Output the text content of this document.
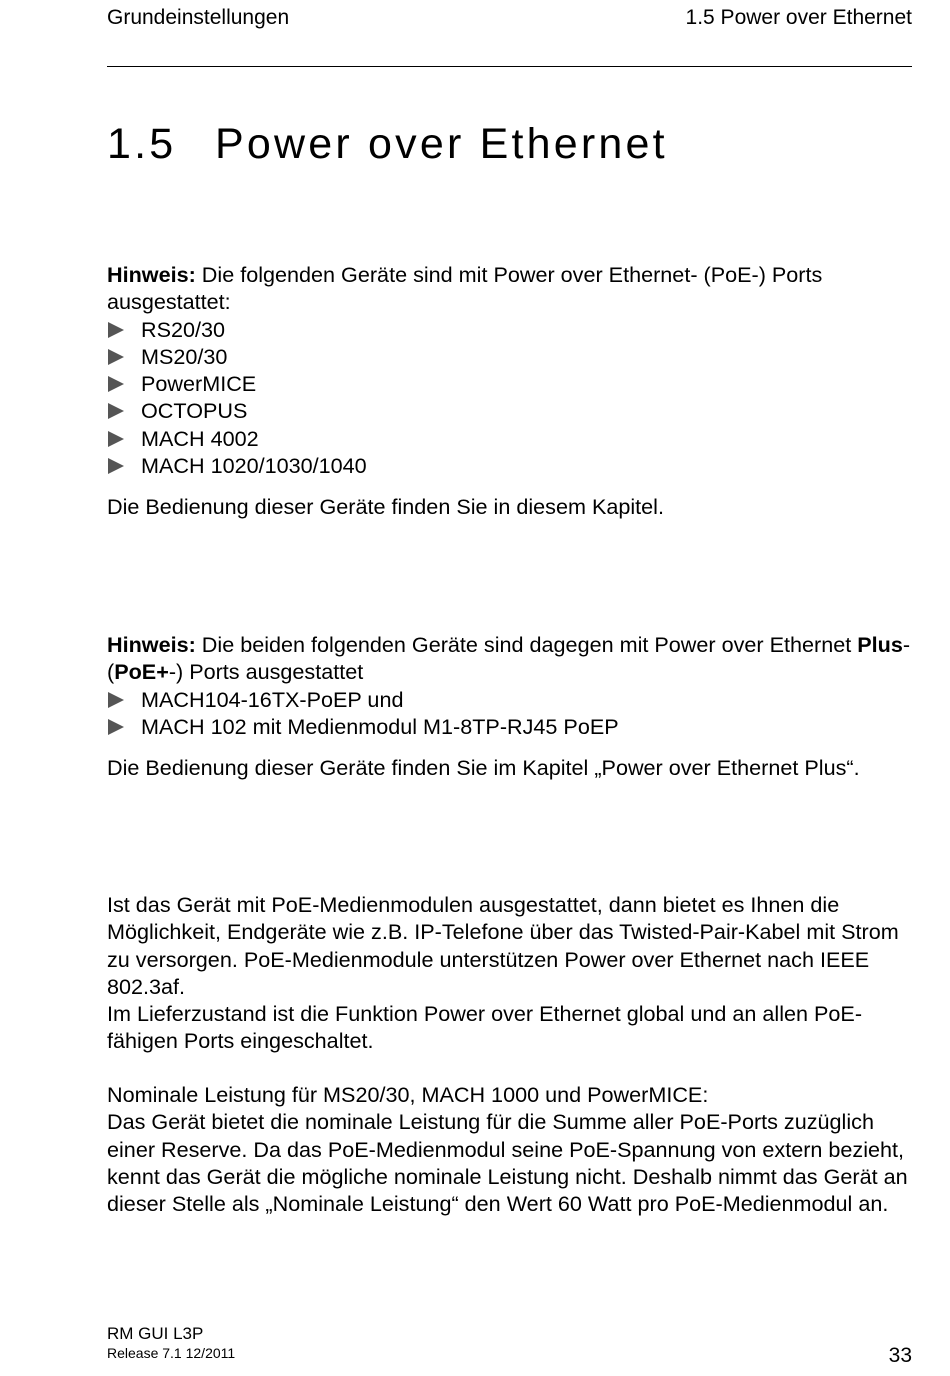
Grundeinstellungen	1.5 Power over Ethernet
1.5 Power over Ethernet

Hinweis: Die folgenden Geräte sind mit Power over Ethernet- (PoE-) Ports ausgestattet:

RS20/30
MS20/30
PowerMICE
OCTOPUS
MACH 4002
MACH 1020/1030/1040

Die Bedienung dieser Geräte finden Sie in diesem Kapitel.

Hinweis: Die beiden folgenden Geräte sind dagegen mit Power over Ethernet Plus- (PoE+-) Ports ausgestattet

MACH104-16TX-PoEP und
MACH 102 mit Medienmodul M1-8TP-RJ45 PoEP

Die Bedienung dieser Geräte finden Sie im Kapitel „Power over Ethernet Plus“.

Ist das Gerät mit PoE-Medienmodulen ausgestattet, dann bietet es Ihnen die Möglichkeit, Endgeräte wie z.B. IP-Telefone über das Twisted-Pair-Kabel mit Strom zu versorgen. PoE-Medienmodule unterstützen Power over Ethernet nach IEEE 802.3af.

Im Lieferzustand ist die Funktion Power over Ethernet global und an allen PoE-fähigen Ports eingeschaltet.

Nominale Leistung für MS20/30, MACH 1000 und PowerMICE:

Das Gerät bietet die nominale Leistung für die Summe aller PoE-Ports zuzüglich einer Reserve. Da das PoE-Medienmodul seine PoE-Spannung von extern bezieht, kennt das Gerät die mögliche nominale Leistung nicht. Deshalb nimmt das Gerät an dieser Stelle als „Nominale Leistung“ den Wert 60 Watt pro PoE-Medienmodul an.

RM GUI L3P
Release 7.1 12/2011	33
